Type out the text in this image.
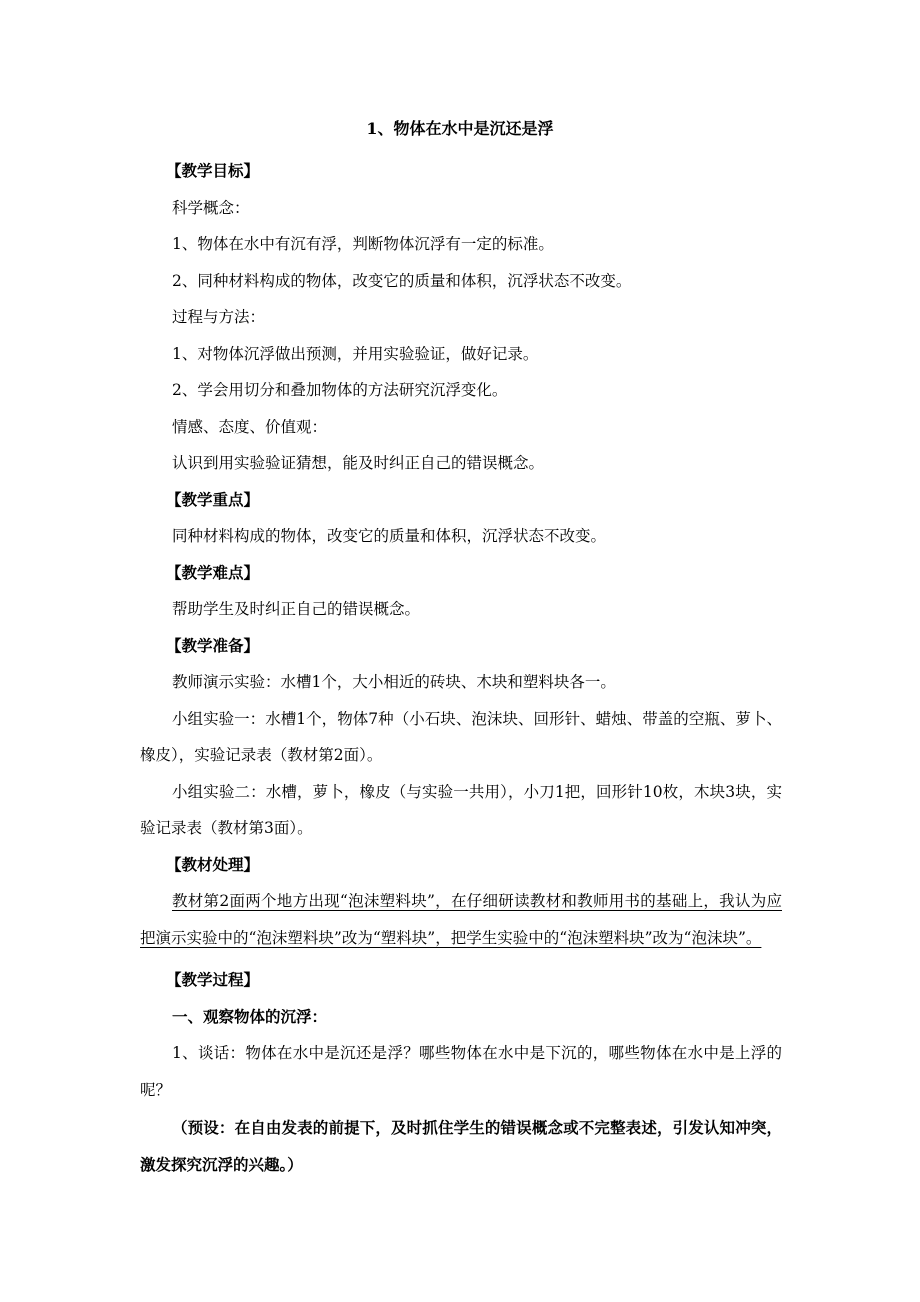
1、物体在水中是沉还是浮

【教学目标】

科学概念：

1、物体在水中有沉有浮，判断物体沉浮有一定的标准。

2、同种材料构成的物体，改变它的质量和体积，沉浮状态不改变。

过程与方法：

1、对物体沉浮做出预测，并用实验验证，做好记录。

2、学会用切分和叠加物体的方法研究沉浮变化。

情感、态度、价值观：

认识到用实验验证猜想，能及时纠正自己的错误概念。

【教学重点】

同种材料构成的物体，改变它的质量和体积，沉浮状态不改变。

【教学难点】

帮助学生及时纠正自己的错误概念。

【教学准备】

教师演示实验：水槽1个，大小相近的砖块、木块和塑料块各一。

小组实验一：水槽1个，物体7种（小石块、泡沫块、回形针、蜡烛、带盖的空瓶、萝卜、橡皮），实验记录表（教材第2面）。

小组实验二：水槽，萝卜，橡皮（与实验一共用），小刀1把，回形针10枚，木块3块，实验记录表（教材第3面）。

【教材处理】

教材第2面两个地方出现“泡沫塑料块”，在仔细研读教材和教师用书的基础上，我认为应把演示实验中的“泡沫塑料块”改为“塑料块”，把学生实验中的“泡沫塑料块”改为“泡沫块”。

【教学过程】

一、观察物体的沉浮：

1、谈话：物体在水中是沉还是浮？哪些物体在水中是下沉的，哪些物体在水中是上浮的呢？

（预设：在自由发表的前提下，及时抓住学生的错误概念或不完整表述，引发认知冲突，激发探究沉浮的兴趣。）
